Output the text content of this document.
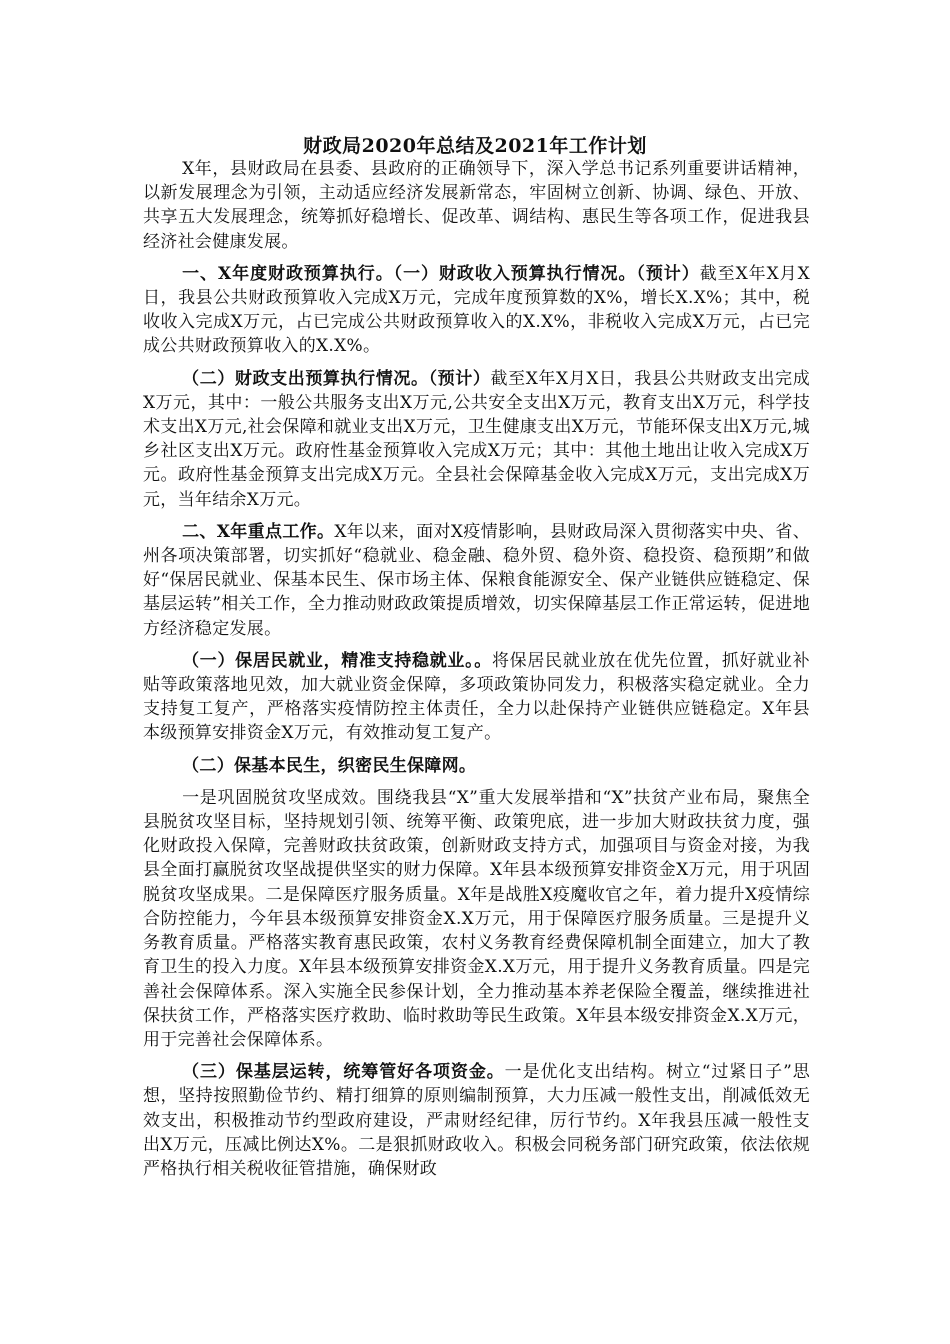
财政局2020年总结及2021年工作计划

X年，县财政局在县委、县政府的正确领导下，深入学总书记系列重要讲话精神，以新发展理念为引领，主动适应经济发展新常态，牢固树立创新、协调、绿色、开放、共享五大发展理念，统筹抓好稳增长、促改革、调结构、惠民生等各项工作，促进我县经济社会健康发展。

一、X年度财政预算执行。（一）财政收入预算执行情况。（预计）截至X年X月X日，我县公共财政预算收入完成X万元，完成年度预算数的X%，增长X.X%；其中，税收收入完成X万元，占已完成公共财政预算收入的X.X%，非税收入完成X万元，占已完成公共财政预算收入的X.X%。

（二）财政支出预算执行情况。（预计）截至X年X月X日，我县公共财政支出完成X万元，其中：一般公共服务支出X万元,公共安全支出X万元，教育支出X万元，科学技术支出X万元,社会保障和就业支出X万元，卫生健康支出X万元，节能环保支出X万元,城乡社区支出X万元。政府性基金预算收入完成X万元；其中：其他土地出让收入完成X万元。政府性基金预算支出完成X万元。全县社会保障基金收入完成X万元，支出完成X万元，当年结余X万元。

二、X年重点工作。X年以来，面对X疫情影响，县财政局深入贯彻落实中央、省、州各项决策部署，切实抓好“稳就业、稳金融、稳外贸、稳外资、稳投资、稳预期”和做好“保居民就业、保基本民生、保市场主体、保粮食能源安全、保产业链供应链稳定、保基层运转”相关工作，全力推动财政政策提质增效，切实保障基层工作正常运转，促进地方经济稳定发展。

（一）保居民就业，精准支持稳就业。。将保居民就业放在优先位置，抓好就业补贴等政策落地见效，加大就业资金保障，多项政策协同发力，积极落实稳定就业。全力支持复工复产，严格落实疫情防控主体责任，全力以赴保持产业链供应链稳定。X年县本级预算安排资金X万元，有效推动复工复产。

（二）保基本民生，织密民生保障网。

一是巩固脱贫攻坚成效。围绕我县“X”重大发展举措和“X”扶贫产业布局，聚焦全县脱贫攻坚目标，坚持规划引领、统筹平衡、政策兜底，进一步加大财政扶贫力度，强化财政投入保障，完善财政扶贫政策，创新财政支持方式，加强项目与资金对接，为我县全面打赢脱贫攻坚战提供坚实的财力保障。X年县本级预算安排资金X万元，用于巩固脱贫攻坚成果。二是保障医疗服务质量。X年是战胜X疫魔收官之年，着力提升X疫情综合防控能力，今年县本级预算安排资金X.X万元，用于保障医疗服务质量。三是提升义务教育质量。严格落实教育惠民政策，农村义务教育经费保障机制全面建立，加大了教育卫生的投入力度。X年县本级预算安排资金X.X万元，用于提升义务教育质量。四是完善社会保障体系。深入实施全民参保计划，全力推动基本养老保险全覆盖，继续推进社保扶贫工作，严格落实医疗救助、临时救助等民生政策。X年县本级安排资金X.X万元，用于完善社会保障体系。

（三）保基层运转，统筹管好各项资金。一是优化支出结构。树立“过紧日子”思想，坚持按照勤俭节约、精打细算的原则编制预算，大力压减一般性支出，削减低效无效支出，积极推动节约型政府建设，严肃财经纪律，厉行节约。X年我县压减一般性支出X万元，压减比例达X%。二是狠抓财政收入。积极会同税务部门研究政策，依法依规严格执行相关税收征管措施，确保财政
